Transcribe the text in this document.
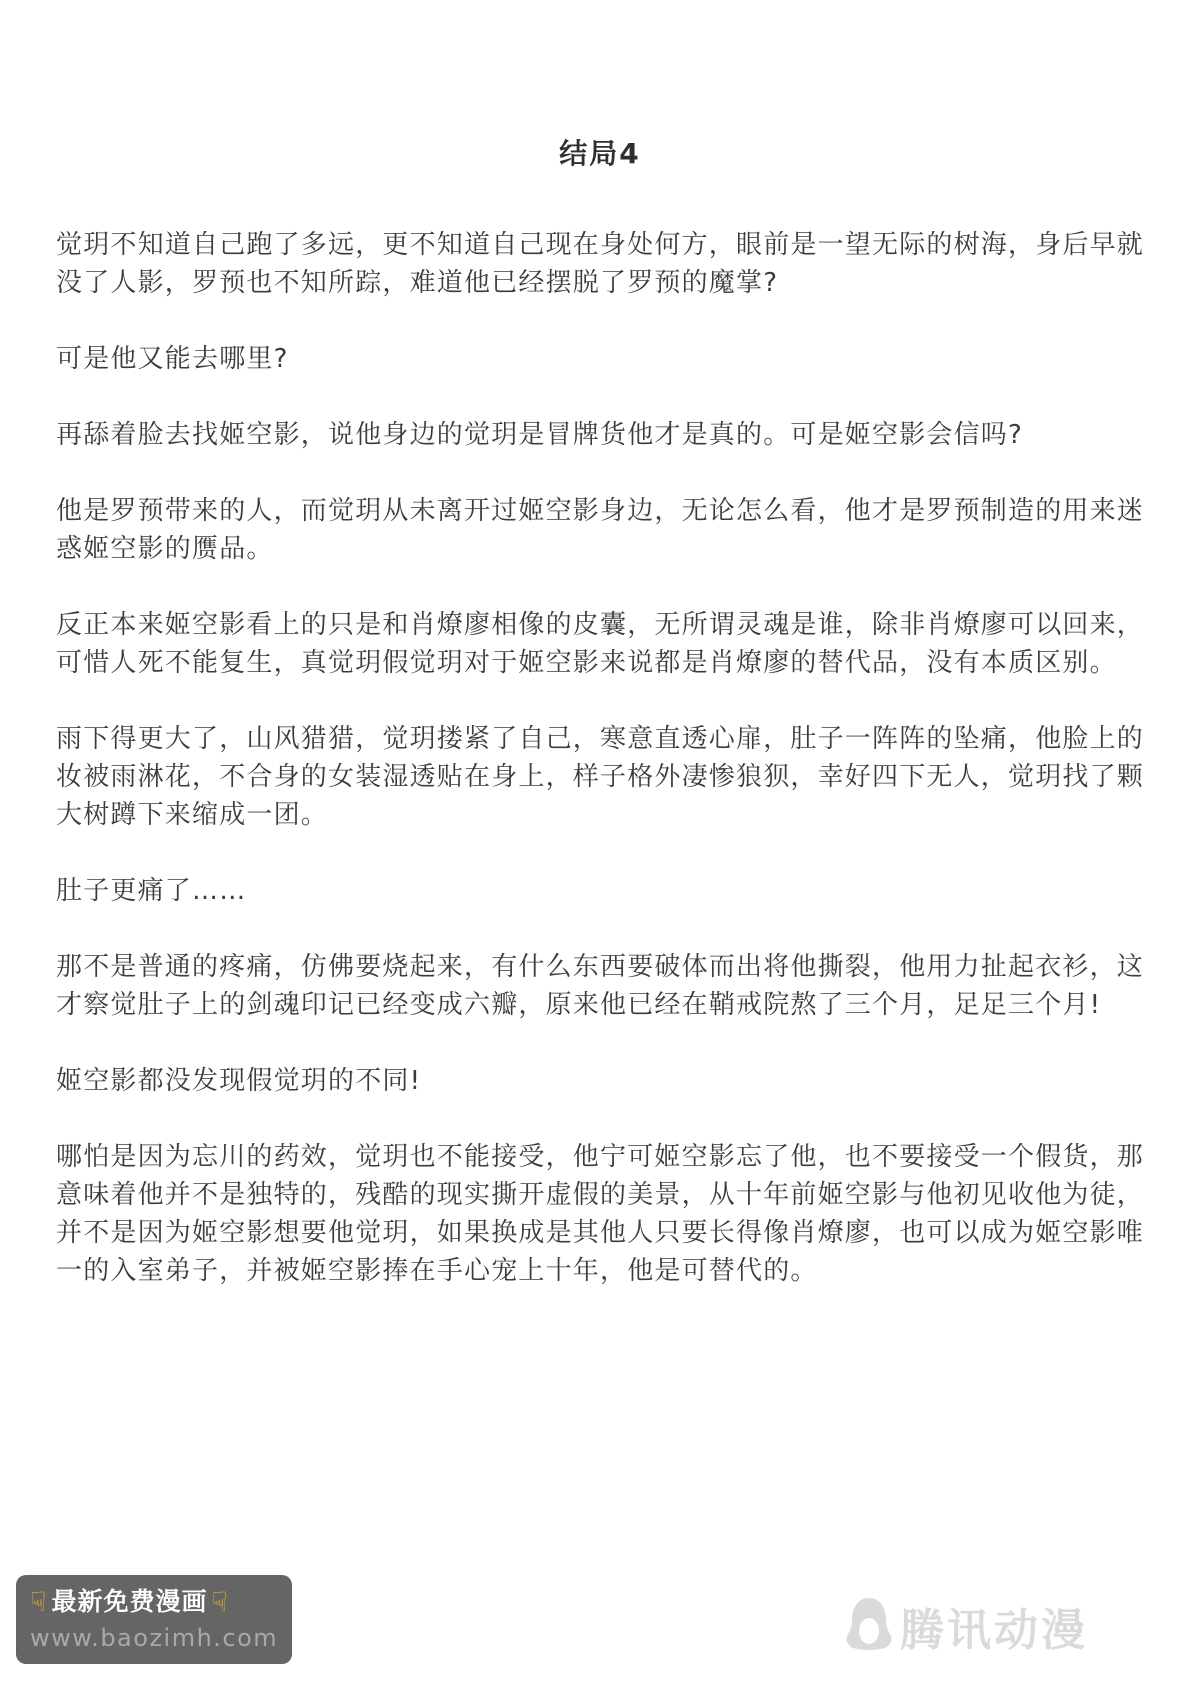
结局4

觉玥不知道自己跑了多远，更不知道自己现在身处何方，眼前是一望无际的树海，身后早就没了人影，罗预也不知所踪，难道他已经摆脱了罗预的魔掌?

可是他又能去哪里?

再舔着脸去找姬空影，说他身边的觉玥是冒牌货他才是真的。可是姬空影会信吗?

他是罗预带来的人，而觉玥从未离开过姬空影身边，无论怎么看，他才是罗预制造的用来迷惑姬空影的赝品。

反正本来姬空影看上的只是和肖燎廖相像的皮囊，无所谓灵魂是谁，除非肖燎廖可以回来，可惜人死不能复生，真觉玥假觉玥对于姬空影来说都是肖燎廖的替代品，没有本质区别。

雨下得更大了，山风猎猎，觉玥搂紧了自己，寒意直透心扉，肚子一阵阵的坠痛，他脸上的妆被雨淋花，不合身的女装湿透贴在身上，样子格外凄惨狼狈，幸好四下无人，觉玥找了颗大树蹲下来缩成一团。

肚子更痛了……

那不是普通的疼痛，仿佛要烧起来，有什么东西要破体而出将他撕裂，他用力扯起衣衫，这才察觉肚子上的剑魂印记已经变成六瓣，原来他已经在鞘戒院熬了三个月，足足三个月!

姬空影都没发现假觉玥的不同!

哪怕是因为忘川的药效，觉玥也不能接受，他宁可姬空影忘了他，也不要接受一个假货，那意味着他并不是独特的，残酷的现实撕开虚假的美景，从十年前姬空影与他初见收他为徒，并不是因为姬空影想要他觉玥，如果换成是其他人只要长得像肖燎廖，也可以成为姬空影唯一的入室弟子，并被姬空影捧在手心宠上十年，他是可替代的。

☟ 最新免费漫画 ☟
www.baozimh.com	腾讯动漫
